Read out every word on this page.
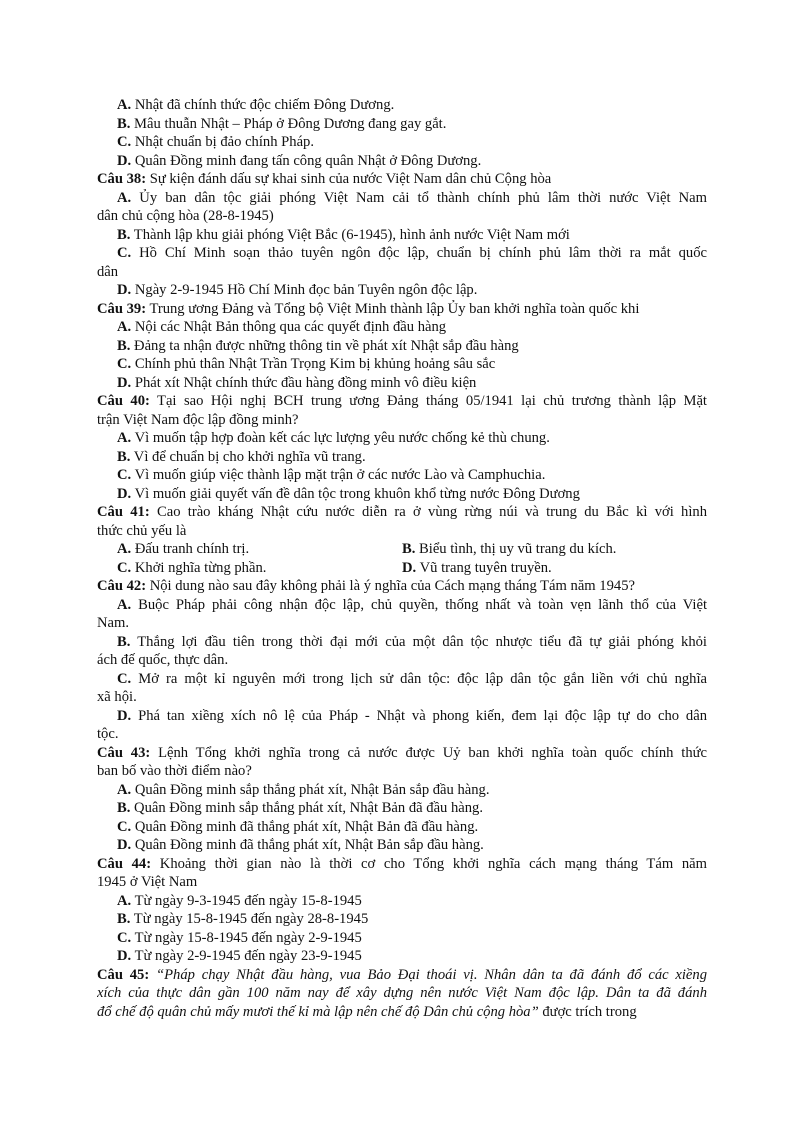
A. Nhật đã chính thức độc chiếm Đông Dương.
B. Mâu thuẫn Nhật – Pháp ở Đông Dương đang gay gắt.
C. Nhật chuẩn bị đảo chính Pháp.
D. Quân Đồng minh đang tấn công quân Nhật ở Đông Dương.
Câu 38: Sự kiện đánh dấu sự khai sinh của nước Việt Nam dân chủ Cộng hòa
A. Ủy ban dân tộc giải phóng Việt Nam cải tổ thành chính phủ lâm thời nước Việt Nam
dân chủ cộng hòa (28-8-1945)
B. Thành lập khu giải phóng Việt Bắc (6-1945), hình ảnh nước Việt Nam mới
C. Hồ Chí Minh soạn thảo tuyên ngôn độc lập, chuẩn bị chính phủ lâm thời ra mắt quốc
dân
D. Ngày 2-9-1945 Hồ Chí Minh đọc bản Tuyên ngôn độc lập.
Câu 39: Trung ương Đảng và Tổng bộ Việt Minh thành lập Ủy ban khởi nghĩa toàn quốc khi
A. Nội các Nhật Bản thông qua các quyết định đầu hàng
B. Đảng ta nhận được những thông tin về phát xít Nhật sắp đầu hàng
C. Chính phủ thân Nhật Trần Trọng Kim bị khủng hoảng sâu sắc
D. Phát xít Nhật chính thức đầu hàng đồng minh vô điều kiện
Câu 40: Tại sao Hội nghị BCH trung ương Đảng tháng 05/1941 lại chủ trương thành lập Mặt
trận Việt Nam độc lập đồng minh?
A. Vì muốn tập hợp đoàn kết các lực lượng yêu nước chống kẻ thù chung.
B. Vì để chuẩn bị cho khởi nghĩa vũ trang.
C. Vì muốn giúp việc thành lập mặt trận ở các nước Lào và Camphuchia.
D. Vì muốn giải quyết vấn đề dân tộc trong khuôn khổ từng nước Đông Dương
Câu 41: Cao trào kháng Nhật cứu nước diễn ra ở vùng rừng núi và trung du Bắc kì với hình
thức chủ yếu là
A. Đấu tranh chính trị.	B. Biểu tình, thị uy vũ trang du kích.
C. Khởi nghĩa từng phần.	D. Vũ trang tuyên truyền.
Câu 42: Nội dung nào sau đây không phải là ý nghĩa của Cách mạng tháng Tám năm 1945?
A. Buộc Pháp phải công nhận độc lập, chủ quyền, thống nhất và toàn vẹn lãnh thổ của Việt
Nam.
B. Thắng lợi đầu tiên trong thời đại mới của một dân tộc nhược tiểu đã tự giải phóng khỏi
ách đế quốc, thực dân.
C. Mở ra một kỉ nguyên mới trong lịch sử dân tộc: độc lập dân tộc gắn liền với chủ nghĩa
xã hội.
D. Phá tan xiềng xích nô lệ của Pháp - Nhật và phong kiến, đem lại độc lập tự do cho dân
tộc.
Câu 43: Lệnh Tổng khởi nghĩa trong cả nước được Uỷ ban khởi nghĩa toàn quốc chính thức
ban bố vào thời điểm nào?
A. Quân Đồng minh sắp thắng phát xít, Nhật Bản sắp đầu hàng.
B. Quân Đồng minh sắp thắng phát xít, Nhật Bản đã đầu hàng.
C. Quân Đồng minh đã thắng phát xít, Nhật Bản đã đầu hàng.
D. Quân Đồng minh đã thắng phát xít, Nhật Bản sắp đầu hàng.
Câu 44: Khoảng thời gian nào là thời cơ cho Tổng khởi nghĩa cách mạng tháng Tám năm
1945 ở Việt Nam
A. Từ ngày 9-3-1945 đến ngày 15-8-1945
B. Từ ngày 15-8-1945 đến ngày 28-8-1945
C. Từ ngày 15-8-1945 đến ngày 2-9-1945
D. Từ ngày 2-9-1945 đến ngày 23-9-1945
Câu 45: “Pháp chạy Nhật đầu hàng, vua Bảo Đại thoái vị. Nhân dân ta đã đánh đổ các xiềng
xích của thực dân gần 100 năm nay để xây dựng nên nước Việt Nam độc lập. Dân ta đã đánh
đổ chế độ quân chủ mấy mươi thế kỉ mà lập nên chế độ Dân chủ cộng hòa” được trích trong
